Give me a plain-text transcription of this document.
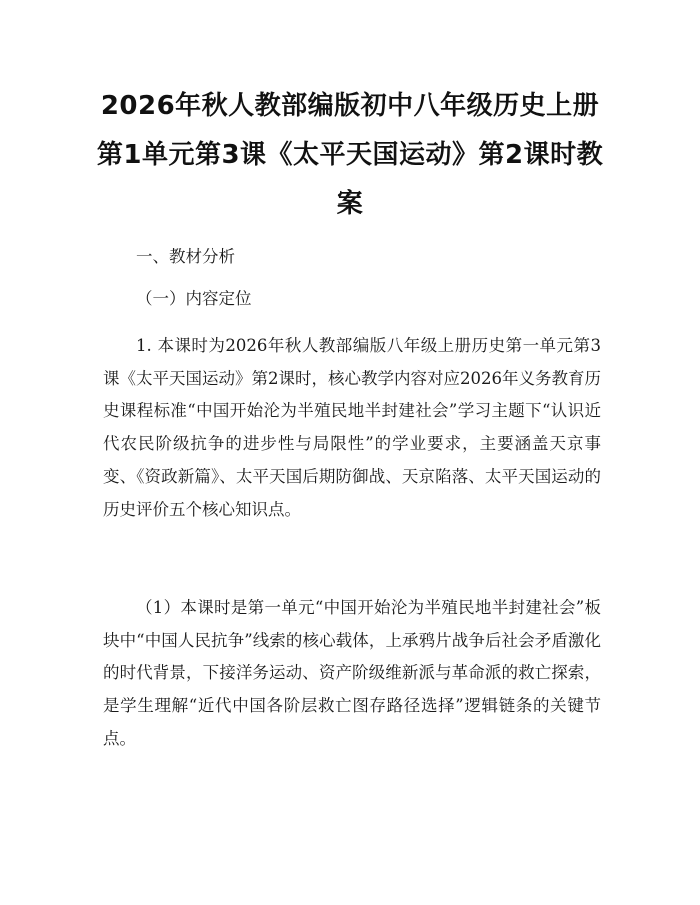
2026年秋人教部编版初中八年级历史上册第1单元第3课《太平天国运动》第2课时教案

一、教材分析

（一）内容定位

1. 本课时为2026年秋人教部编版八年级上册历史第一单元第3课《太平天国运动》第2课时，核心教学内容对应2026年义务教育历史课程标准“中国开始沦为半殖民地半封建社会”学习主题下“认识近代农民阶级抗争的进步性与局限性”的学业要求，主要涵盖天京事变、《资政新篇》、太平天国后期防御战、天京陷落、太平天国运动的历史评价五个核心知识点。

（1）本课时是第一单元“中国开始沦为半殖民地半封建社会”板块中“中国人民抗争”线索的核心载体，上承鸦片战争后社会矛盾激化的时代背景，下接洋务运动、资产阶级维新派与革命派的救亡探索，是学生理解“近代中国各阶层救亡图存路径选择”逻辑链条的关键节点。
